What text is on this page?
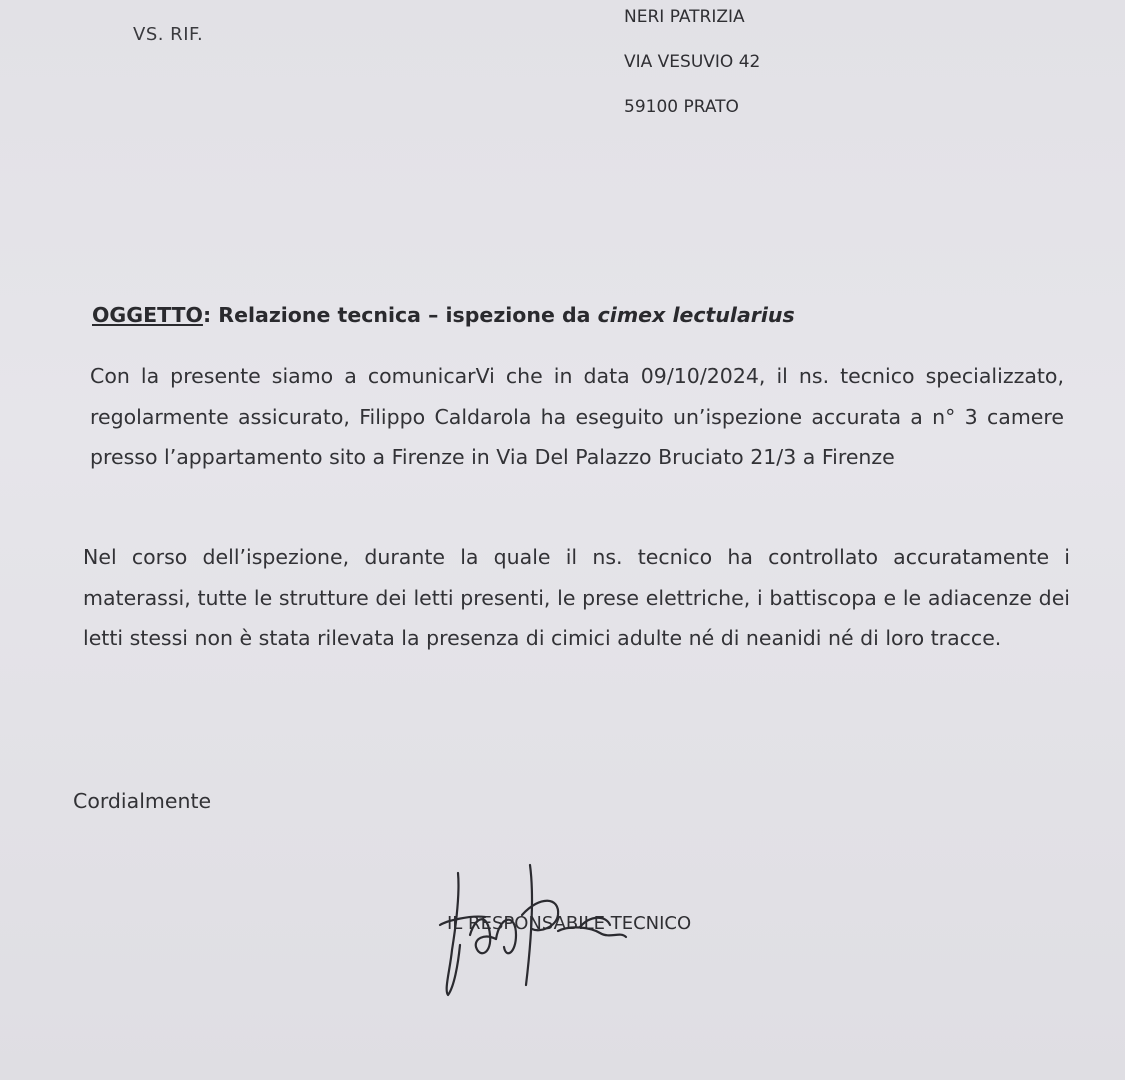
VS. RIF.
NERI PATRIZIA
VIA VESUVIO 42
59100 PRATO
OGGETTO: Relazione tecnica – ispezione da cimex lectularius
Con la presente siamo a comunicarVi che in data 09/10/2024, il ns. tecnico specializzato, regolarmente assicurato, Filippo Caldarola ha eseguito un’ispezione accurata a n° 3 camere presso l’appartamento sito a Firenze in Via Del Palazzo Bruciato 21/3 a Firenze
Nel corso dell’ispezione, durante la quale il ns. tecnico ha controllato accuratamente i materassi, tutte le strutture dei letti presenti, le prese elettriche, i battiscopa e le adiacenze dei letti stessi non è stata rilevata la presenza di cimici adulte né di neanidi né di loro tracce.
Cordialmente
IL RESPONSABILE TECNICO
